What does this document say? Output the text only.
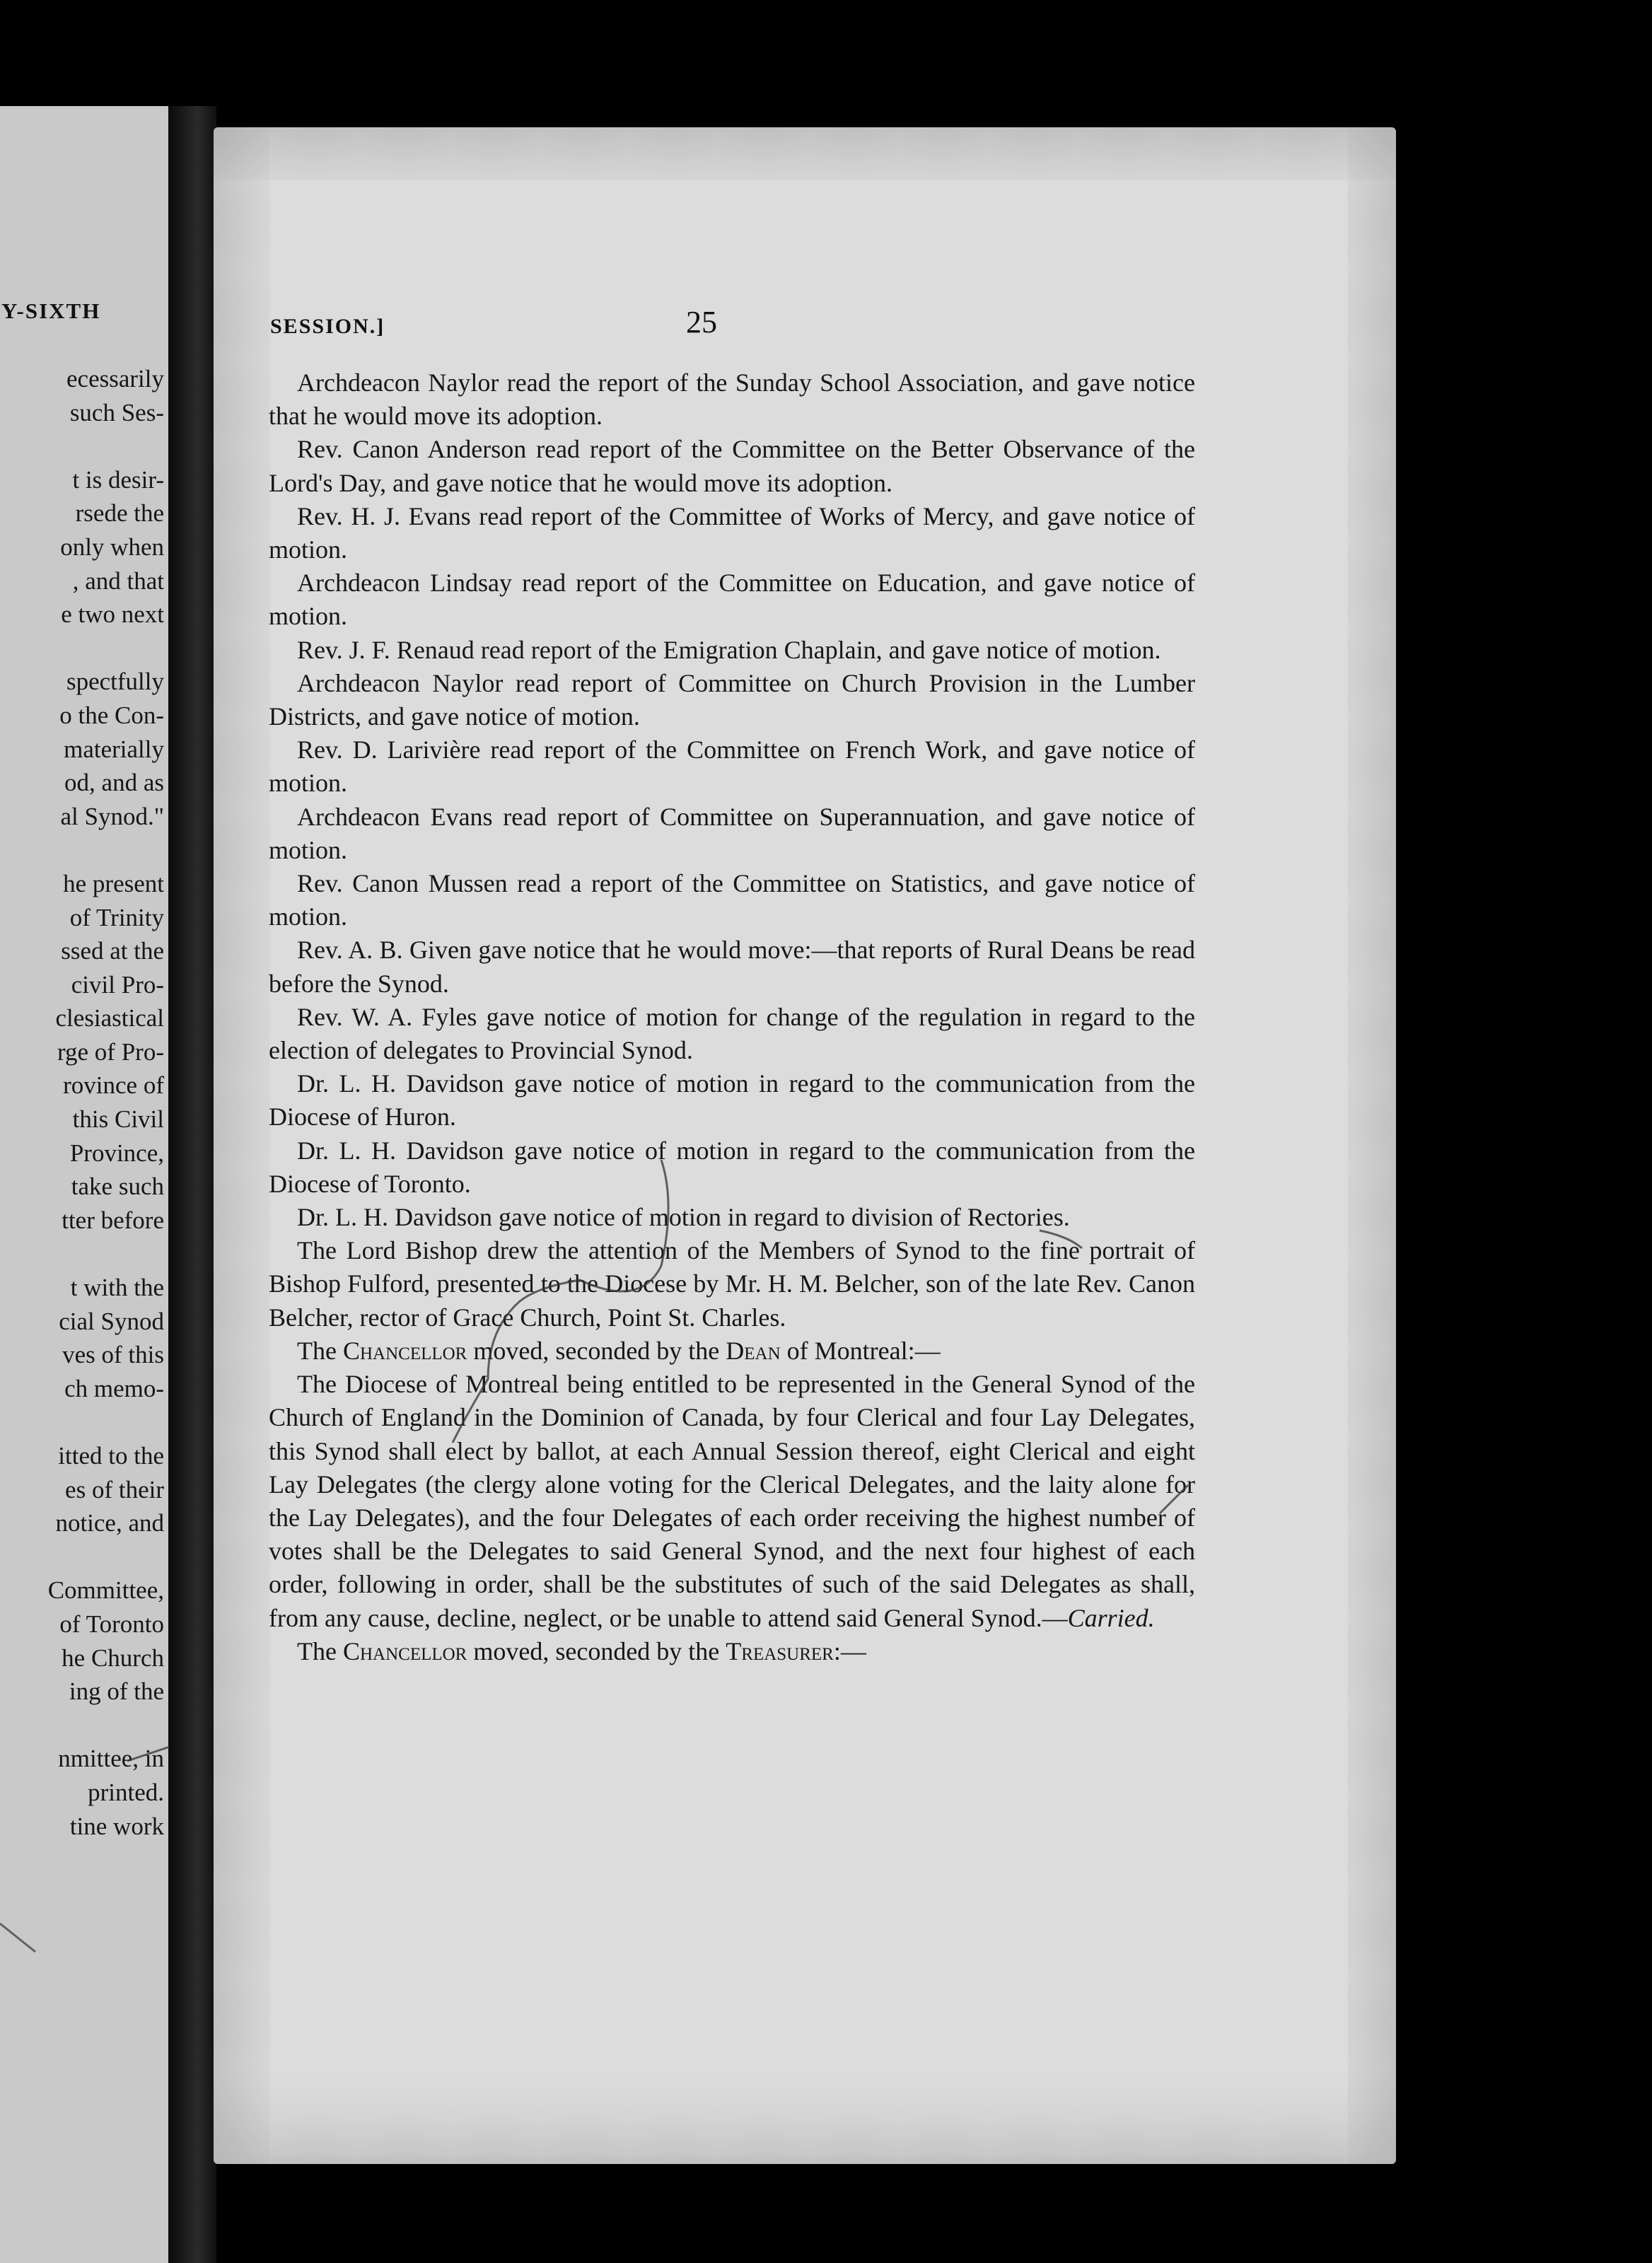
Y-SIXTH
ecessarily
such Ses-
t is desir-
rsede the
only when
, and that
e two next
spectfully
o the Con-
materially
od, and as
al Synod."
he present
of Trinity
ssed at the
civil Pro-
clesiastical
rge of Pro-
rovince of
this Civil
Province,
take such
tter before
t with the
cial Synod
ves of this
ch memo-
itted to the
es of their
notice, and
Committee,
of Toronto
he Church
ing of the
nmittee, in
printed.
tine work
SESSION.]	25

Archdeacon Naylor read the report of the Sunday School Association, and gave notice that he would move its adoption.

Rev. Canon Anderson read report of the Committee on the Better Observance of the Lord's Day, and gave notice that he would move its adoption.

Rev. H. J. Evans read report of the Committee of Works of Mercy, and gave notice of motion.

Archdeacon Lindsay read report of the Committee on Education, and gave notice of motion.

Rev. J. F. Renaud read report of the Emigration Chaplain, and gave notice of motion.

Archdeacon Naylor read report of Committee on Church Provision in the Lumber Districts, and gave notice of motion.

Rev. D. Larivière read report of the Committee on French Work, and gave notice of motion.

Archdeacon Evans read report of Committee on Superannuation, and gave notice of motion.

Rev. Canon Mussen read a report of the Committee on Statistics, and gave notice of motion.

Rev. A. B. Given gave notice that he would move:—that reports of Rural Deans be read before the Synod.

Rev. W. A. Fyles gave notice of motion for change of the regulation in regard to the election of delegates to Provincial Synod.

Dr. L. H. Davidson gave notice of motion in regard to the communication from the Diocese of Huron.

Dr. L. H. Davidson gave notice of motion in regard to the communication from the Diocese of Toronto.

Dr. L. H. Davidson gave notice of motion in regard to division of Rectories.

The Lord Bishop drew the attention of the Members of Synod to the fine portrait of Bishop Fulford, presented to the Diocese by Mr. H. M. Belcher, son of the late Rev. Canon Belcher, rector of Grace Church, Point St. Charles.

The Chancellor moved, seconded by the Dean of Montreal:—

The Diocese of Montreal being entitled to be represented in the General Synod of the Church of England in the Dominion of Canada, by four Clerical and four Lay Delegates, this Synod shall elect by ballot, at each Annual Session thereof, eight Clerical and eight Lay Delegates (the clergy alone voting for the Clerical Delegates, and the laity alone for the Lay Delegates), and the four Delegates of each order receiving the highest number of votes shall be the Delegates to said General Synod, and the next four highest of each order, following in order, shall be the substitutes of such of the said Delegates as shall, from any cause, decline, neglect, or be unable to attend said General Synod.—Carried.

The Chancellor moved, seconded by the Treasurer:—
